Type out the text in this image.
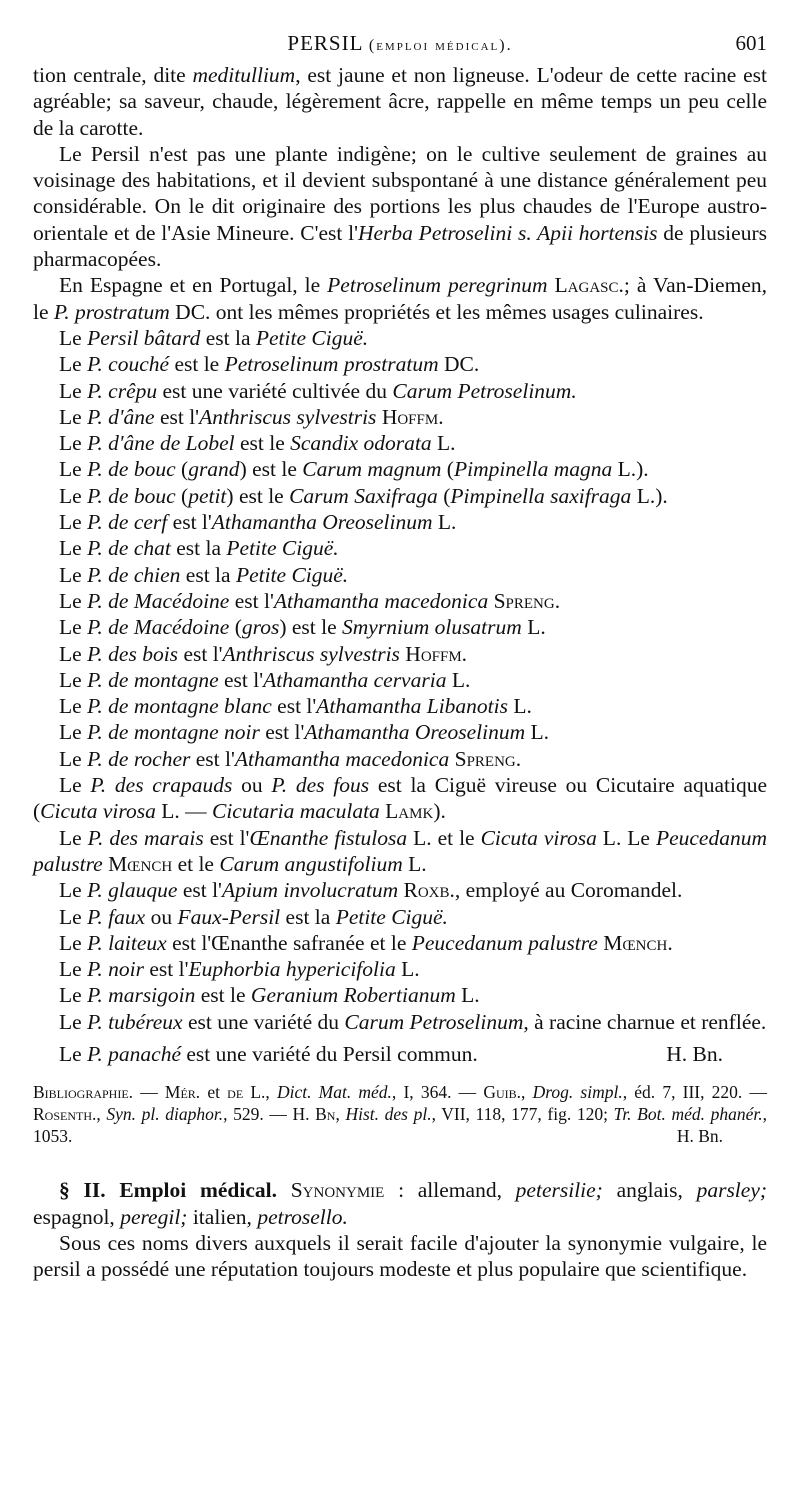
PERSIL (emploi médical).	601

tion centrale, dite meditullium, est jaune et non ligneuse. L'odeur de cette racine est agréable; sa saveur, chaude, légèrement âcre, rappelle en même temps un peu celle de la carotte.

Le Persil n'est pas une plante indigène; on le cultive seulement de graines au voisinage des habitations, et il devient subspontané à une distance généralement peu considérable. On le dit originaire des portions les plus chaudes de l'Europe austro-orientale et de l'Asie Mineure. C'est l'Herba Petroselini s. Apii hortensis de plusieurs pharmacopées.

En Espagne et en Portugal, le Petroselinum peregrinum Lagasc.; à Van-Diemen, le P. prostratum DC. ont les mêmes propriétés et les mêmes usages culinaires.

Le Persil bâtard est la Petite Ciguë.

Le P. couché est le Petroselinum prostratum DC.

Le P. crêpu est une variété cultivée du Carum Petroselinum.

Le P. d'âne est l'Anthriscus sylvestris Hoffm.

Le P. d'âne de Lobel est le Scandix odorata L.

Le P. de bouc (grand) est le Carum magnum (Pimpinella magna L.).

Le P. de bouc (petit) est le Carum Saxifraga (Pimpinella saxifraga L.).

Le P. de cerf est l'Athamantha Oreoselinum L.

Le P. de chat est la Petite Ciguë.

Le P. de chien est la Petite Ciguë.

Le P. de Macédoine est l'Athamantha macedonica Spreng.

Le P. de Macédoine (gros) est le Smyrnium olusatrum L.

Le P. des bois est l'Anthriscus sylvestris Hoffm.

Le P. de montagne est l'Athamantha cervaria L.

Le P. de montagne blanc est l'Athamantha Libanotis L.

Le P. de montagne noir est l'Athamantha Oreoselinum L.

Le P. de rocher est l'Athamantha macedonica Spreng.

Le P. des crapauds ou P. des fous est la Ciguë vireuse ou Cicutaire aquatique (Cicuta virosa L. — Cicutaria maculata Lamk).

Le P. des marais est l'Œnanthe fistulosa L. et le Cicuta virosa L. Le Peucedanum palustre Mœnch et le Carum angustifolium L.

Le P. glauque est l'Apium involucratum Roxb., employé au Coromandel.

Le P. faux ou Faux-Persil est la Petite Ciguë.

Le P. laiteux est l'Œnanthe safranée et le Peucedanum palustre Mœnch.

Le P. noir est l'Euphorbia hypericifolia L.

Le P. marsigoin est le Geranium Robertianum L.

Le P. tubéreux est une variété du Carum Petroselinum, à racine charnue et renflée.

Le P. panaché est une variété du Persil commun.	H. Bn.
Bibliographie. — Mér. et de L., Dict. Mat. méd., I, 364. — Guib., Drog. simpl., éd. 7, III, 220. — Rosenth., Syn. pl. diaphor., 529. — H. Bn, Hist. des pl., VII, 118, 177, fig. 120; Tr. Bot. méd. phanér., 1053.	H. Bn.

§ II. Emploi médical. Synonymie : allemand, petersilie; anglais, parsley; espagnol, peregil; italien, petrosello.

Sous ces noms divers auxquels il serait facile d'ajouter la synonymie vulgaire, le persil a possédé une réputation toujours modeste et plus populaire que scientifique.
